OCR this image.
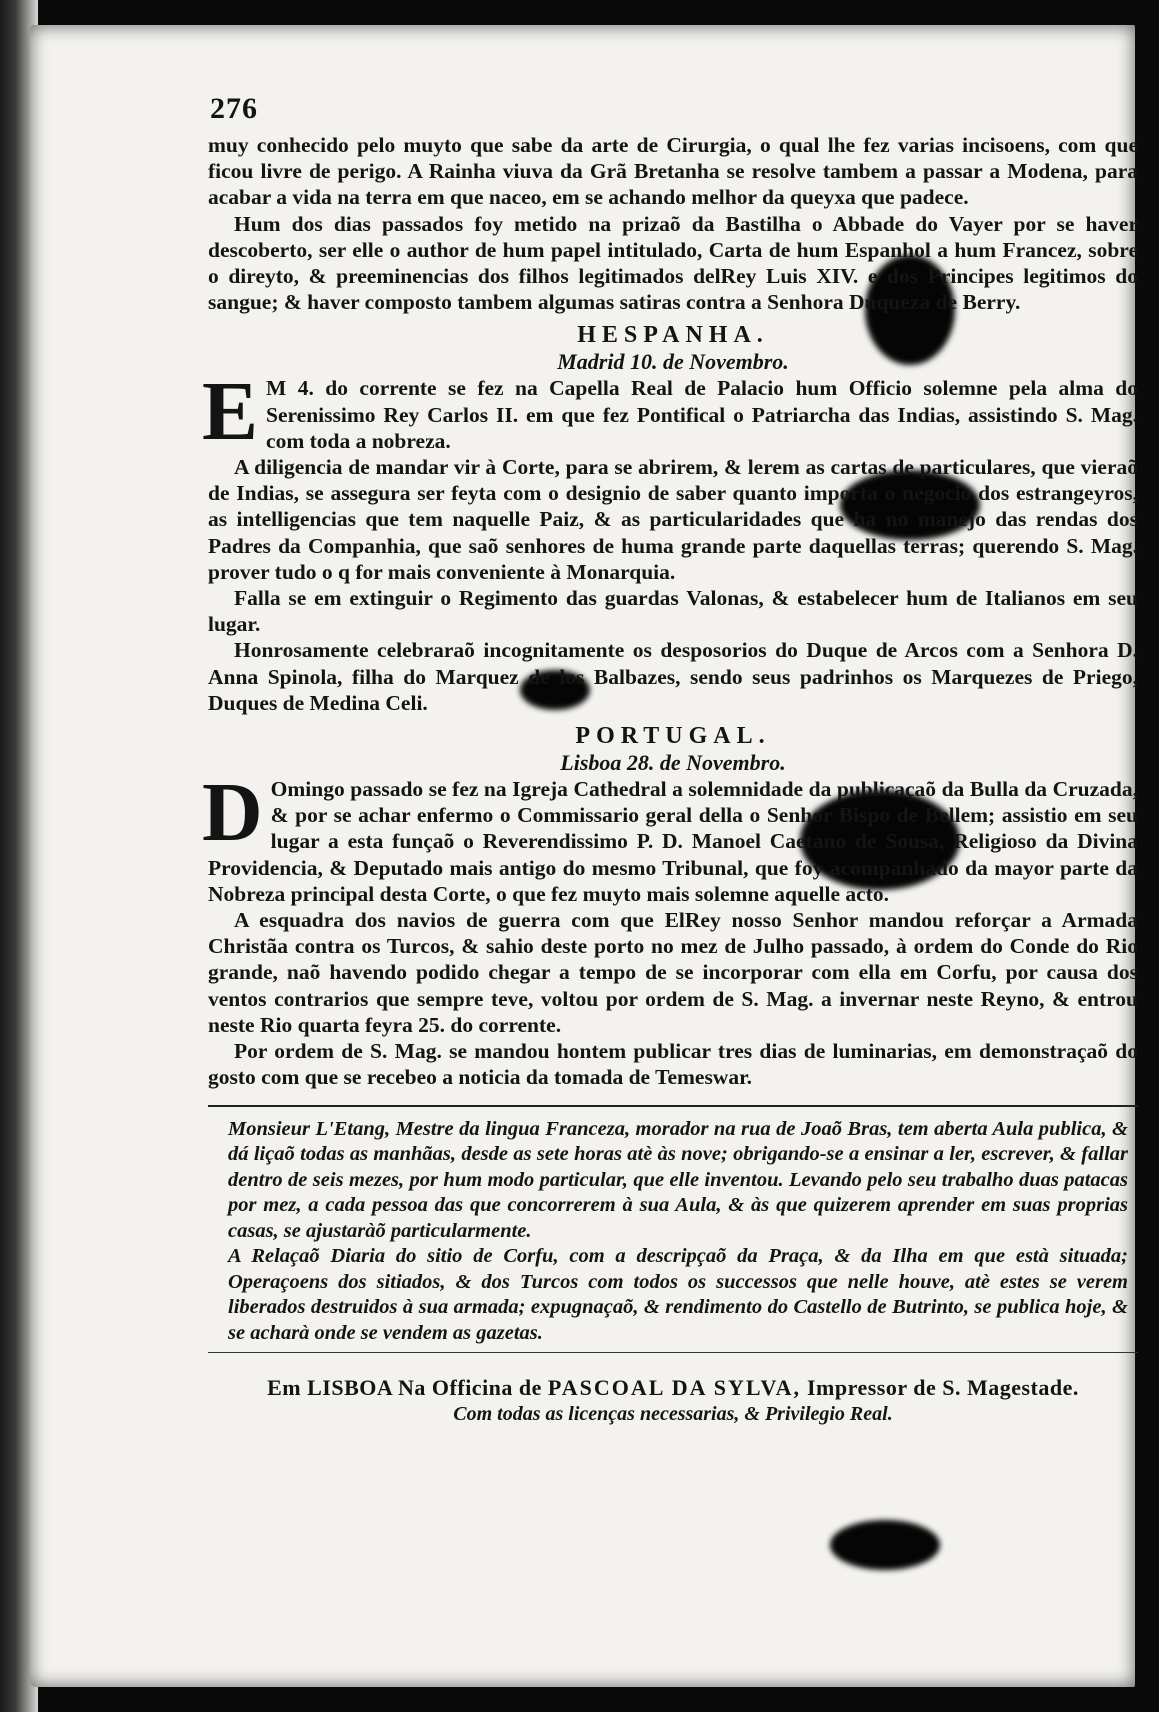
276

muy conhecido pelo muyto que sabe da arte de Cirurgia, o qual lhe fez varias incisoens, com que ficou livre de perigo. A Rainha viuva da Grã Bretanha se resolve tambem a passar a Modena, para acabar a vida na terra em que naceo, em se achando melhor da queyxa que padece.

Hum dos dias passados foy metido na prizaõ da Bastilha o Abbade do Vayer por se haver descoberto, ser elle o author de hum papel intitulado, Carta de hum Espanhol a hum Francez, sobre o direyto, & preeminencias dos filhos legitimados delRey Luis XIV. e dos Principes legitimos do sangue; & haver composto tambem algumas satiras contra a Senhora Duqueza de Berry.

HESPANHA.
Madrid 10. de Novembro.
E M 4. do corrente se fez na Capella Real de Palacio hum Officio solemne pela alma do Serenissimo Rey Carlos II. em que fez Pontifical o Patriarcha das Indias, assistindo S. Mag. com toda a nobreza.

A diligencia de mandar vir à Corte, para se abrirem, & lerem as cartas de particulares, que vieraõ de Indias, se assegura ser feyta com o designio de saber quanto importa o negocio dos estrangeyros, as intelligencias que tem naquelle Paiz, & as particularidades que ha no manejo das rendas dos Padres da Companhia, que saõ senhores de huma grande parte daquellas terras; querendo S. Mag. prover tudo o q for mais conveniente à Monarquia.

Falla se em extinguir o Regimento das guardas Valonas, & estabelecer hum de Italianos em seu lugar.

Honrosamente celebraraõ incognitamente os desposorios do Duque de Arcos com a Senhora D. Anna Spinola, filha do Marquez de los Balbazes, sendo seus padrinhos os Marquezes de Priego, Duques de Medina Celi.

PORTUGAL.
Lisboa 28. de Novembro.
D Omingo passado se fez na Igreja Cathedral a solemnidade da publicaçaõ da Bulla da Cruzada, & por se achar enfermo o Commissario geral della o Senhor Bispo de Bellem; assistio em seu lugar a esta funçaõ o Reverendissimo P. D. Manoel Caetano de Sousa, Religioso da Divina Providencia, & Deputado mais antigo do mesmo Tribunal, que foy acompanhado da mayor parte da Nobreza principal desta Corte, o que fez muyto mais solemne aquelle acto.

A esquadra dos navios de guerra com que ElRey nosso Senhor mandou reforçar a Armada Christãa contra os Turcos, & sahio deste porto no mez de Julho passado, à ordem do Conde do Rio grande, naõ havendo podido chegar a tempo de se incorporar com ella em Corfu, por causa dos ventos contrarios que sempre teve, voltou por ordem de S. Mag. a invernar neste Reyno, & entrou neste Rio quarta feyra 25. do corrente.

Por ordem de S. Mag. se mandou hontem publicar tres dias de luminarias, em demonstraçaõ do gosto com que se recebeo a noticia da tomada de Temeswar.

Monsieur L'Etang, Mestre da lingua Franceza, morador na rua de Joaõ Bras, tem aberta Aula publica, & dá liçaõ todas as manhãas, desde as sete horas atè às nove; obrigando-se a ensinar a ler, escrever, & fallar dentro de seis mezes, por hum modo particular, que elle inventou. Levando pelo seu trabalho duas patacas por mez, a cada pessoa das que concorrerem à sua Aula, & às que quizerem aprender em suas proprias casas, se ajustaràõ particularmente.

A Relaçaõ Diaria do sitio de Corfu, com a descripçaõ da Praça, & da Ilha em que està situada; Operaçoens dos sitiados, & dos Turcos com todos os successos que nelle houve, atè estes se verem liberados destruidos à sua armada; expugnaçaõ, & rendimento do Castello de Butrinto, se publica hoje, & se acharà onde se vendem as gazetas.

Em LISBOA Na Officina de PASCOAL DA SYLVA, Impressor de S. Magestade.
Com todas as licenças necessarias, & Privilegio Real.
